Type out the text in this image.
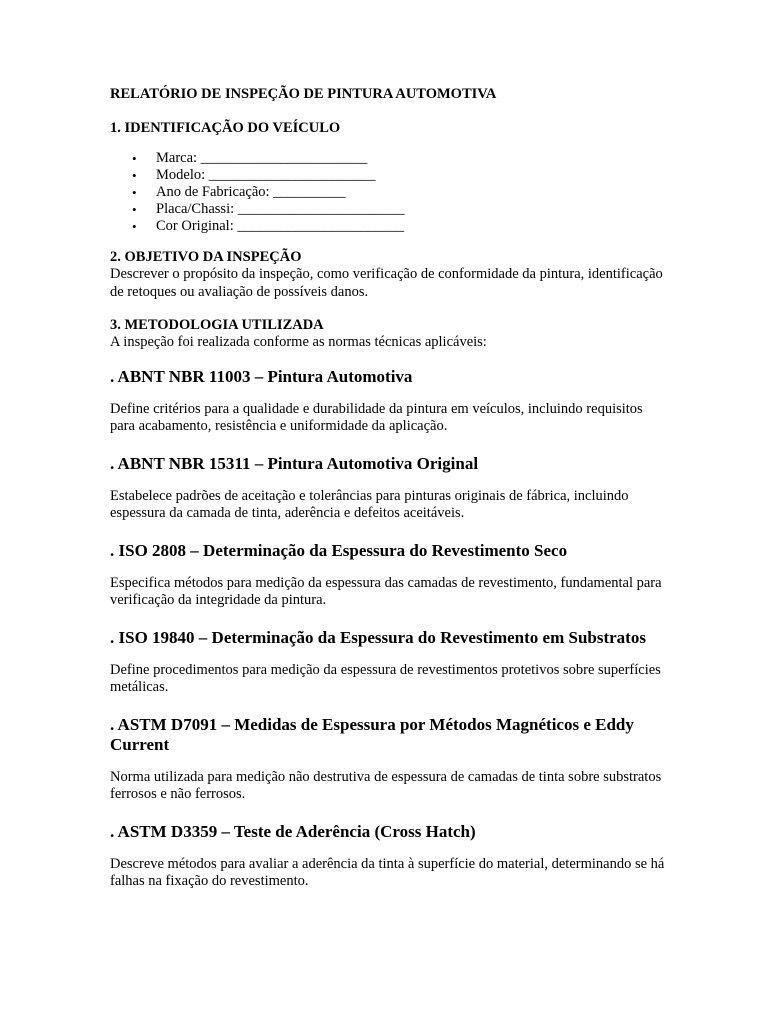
RELATÓRIO DE INSPEÇÃO DE PINTURA AUTOMOTIVA
1. IDENTIFICAÇÃO DO VEÍCULO
• Marca: _______________________
• Modelo: _______________________
• Ano de Fabricação: __________
• Placa/Chassi: _______________________
• Cor Original: _______________________
2. OBJETIVO DA INSPEÇÃO

Descrever o propósito da inspeção, como verificação de conformidade da pintura, identificação de retoques ou avaliação de possíveis danos.

3. METODOLOGIA UTILIZADA

A inspeção foi realizada conforme as normas técnicas aplicáveis:

. ABNT NBR 11003 – Pintura Automotiva

Define critérios para a qualidade e durabilidade da pintura em veículos, incluindo requisitos para acabamento, resistência e uniformidade da aplicação.

. ABNT NBR 15311 – Pintura Automotiva Original

Estabelece padrões de aceitação e tolerâncias para pinturas originais de fábrica, incluindo espessura da camada de tinta, aderência e defeitos aceitáveis.

. ISO 2808 – Determinação da Espessura do Revestimento Seco

Especifica métodos para medição da espessura das camadas de revestimento, fundamental para verificação da integridade da pintura.

. ISO 19840 – Determinação da Espessura do Revestimento em Substratos

Define procedimentos para medição da espessura de revestimentos protetivos sobre superfícies metálicas.

. ASTM D7091 – Medidas de Espessura por Métodos Magnéticos e Eddy Current

Norma utilizada para medição não destrutiva de espessura de camadas de tinta sobre substratos ferrosos e não ferrosos.

. ASTM D3359 – Teste de Aderência (Cross Hatch)

Descreve métodos para avaliar a aderência da tinta à superfície do material, determinando se há falhas na fixação do revestimento.
